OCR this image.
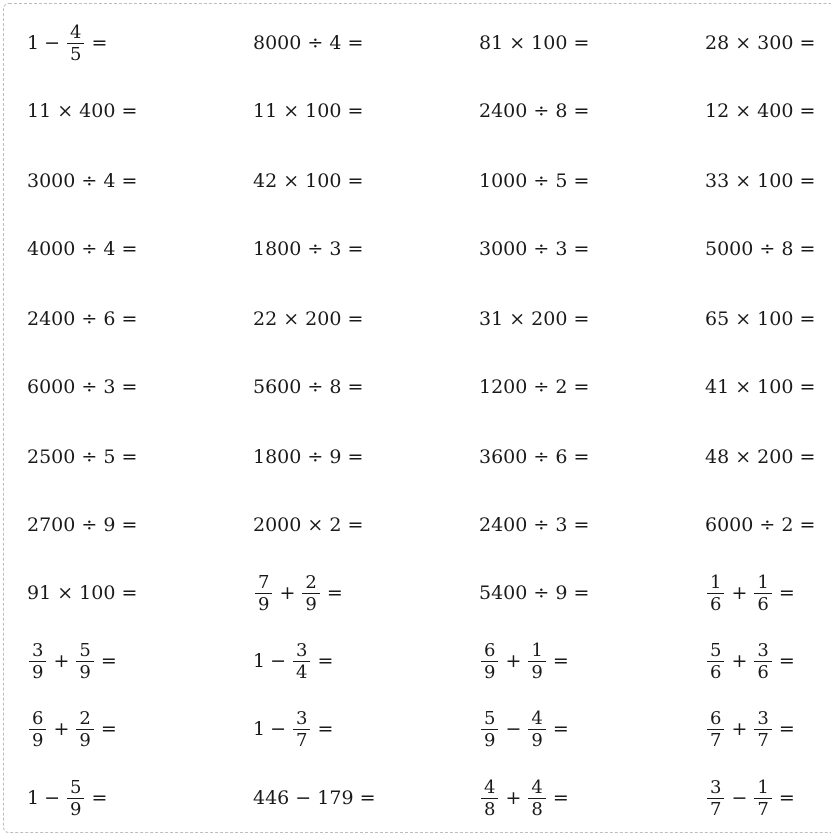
$1 - \frac{4}{5}$ =	8000 ÷ 4 =	81 × 100 =	28 × 300 =
11 × 400 =	11 × 100 =	2400 ÷ 8 =	12 × 400 =
3000 ÷ 4 =	42 × 100 =	1000 ÷ 5 =	33 × 100 =
4000 ÷ 4 =	1800 ÷ 3 =	3000 ÷ 3 =	5000 ÷ 8 =
2400 ÷ 6 =	22 × 200 =	31 × 200 =	65 × 100 =
6000 ÷ 3 =	5600 ÷ 8 =	1200 ÷ 2 =	41 × 100 =
2500 ÷ 5 =	1800 ÷ 9 =	3600 ÷ 6 =	48 × 200 =
2700 ÷ 9 =	2000 × 2 =	2400 ÷ 3 =	6000 ÷ 2 =
91 × 100 =	$\frac{7}{9} + \frac{2}{9}$ =	5400 ÷ 9 =	$\frac{1}{6} + \frac{1}{6}$ =
$\frac{3}{9} + \frac{5}{9}$ =	$1 - \frac{3}{4}$ =	$\frac{6}{9} + \frac{1}{9}$ =	$\frac{5}{6} + \frac{3}{6}$ =
$\frac{6}{9} + \frac{2}{9}$ =	$1 - \frac{3}{7}$ =	$\frac{5}{9} - \frac{4}{9}$ =	$\frac{6}{7} + \frac{3}{7}$ =
$1 - \frac{5}{9}$ =	446 − 179 =	$\frac{4}{8} + \frac{4}{8}$ =	$\frac{3}{7} - \frac{1}{7}$ =
